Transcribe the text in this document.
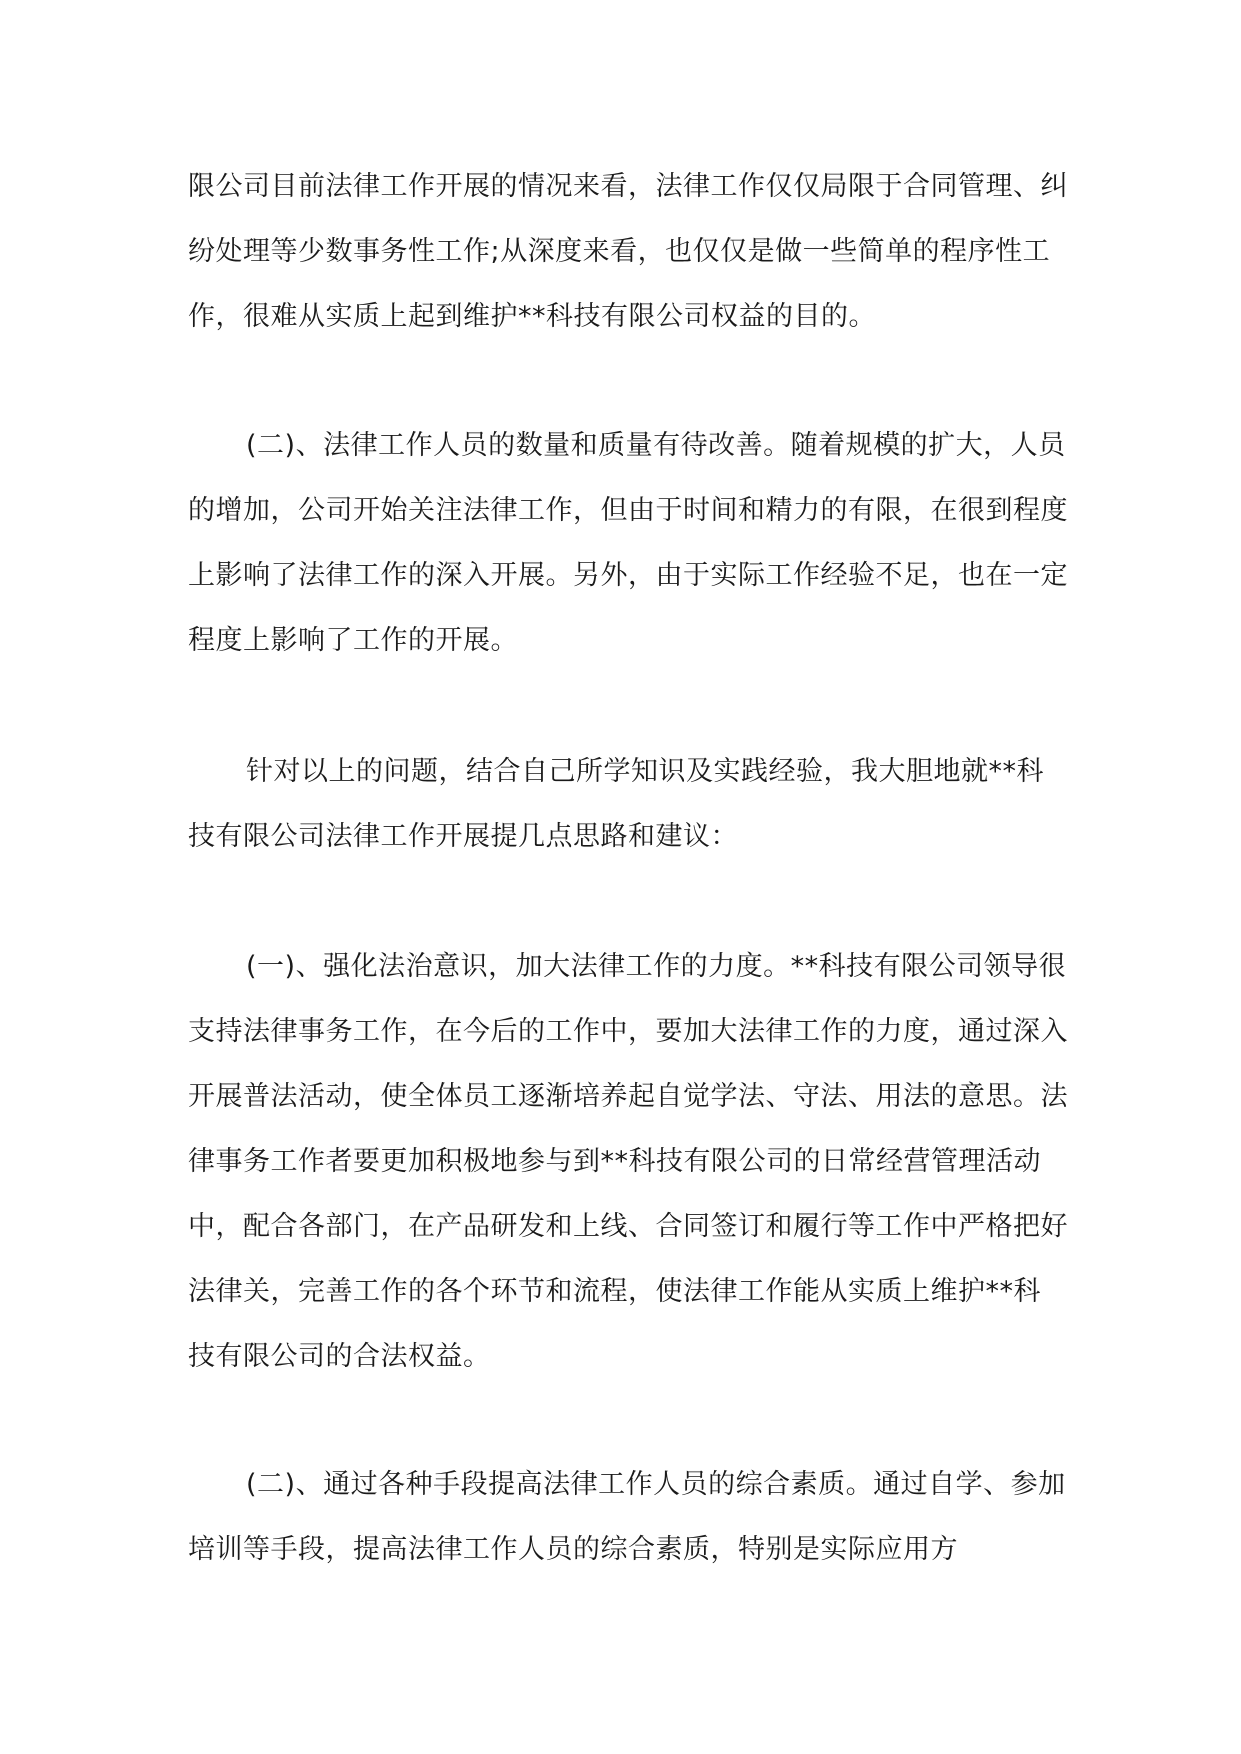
限公司目前法律工作开展的情况来看，法律工作仅仅局限于合同管理、纠纷处理等少数事务性工作;从深度来看，也仅仅是做一些简单的程序性工作，很难从实质上起到维护**科技有限公司权益的目的。

(二)、法律工作人员的数量和质量有待改善。随着规模的扩大，人员的增加，公司开始关注法律工作，但由于时间和精力的有限，在很到程度上影响了法律工作的深入开展。另外，由于实际工作经验不足，也在一定程度上影响了工作的开展。

针对以上的问题，结合自己所学知识及实践经验，我大胆地就**科技有限公司法律工作开展提几点思路和建议：

(一)、强化法治意识，加大法律工作的力度。**科技有限公司领导很支持法律事务工作，在今后的工作中，要加大法律工作的力度，通过深入开展普法活动，使全体员工逐渐培养起自觉学法、守法、用法的意思。法律事务工作者要更加积极地参与到**科技有限公司的日常经营管理活动中，配合各部门，在产品研发和上线、合同签订和履行等工作中严格把好法律关，完善工作的各个环节和流程，使法律工作能从实质上维护**科技有限公司的合法权益。

(二)、通过各种手段提高法律工作人员的综合素质。通过自学、参加培训等手段，提高法律工作人员的综合素质，特别是实际应用方
